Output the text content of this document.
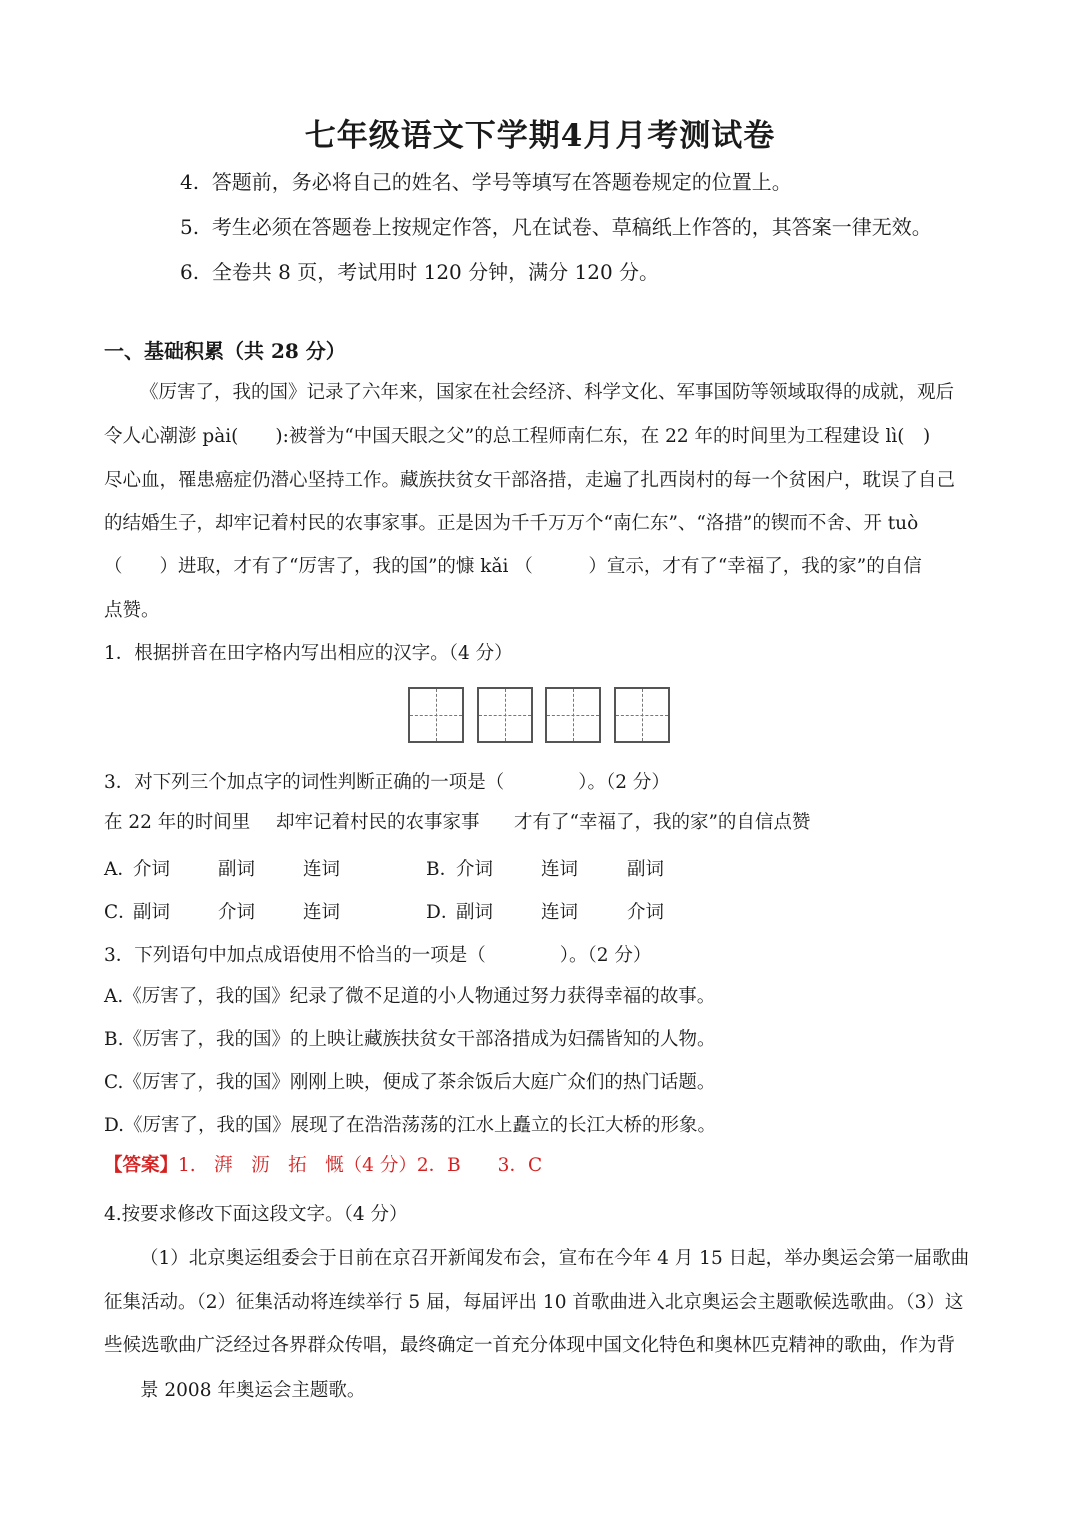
七年级语文下学期4月月考测试卷
4. 答题前，务必将自己的姓名、学号等填写在答题卷规定的位置上。
5. 考生必须在答题卷上按规定作答，凡在试卷、草稿纸上作答的，其答案一律无效。
6. 全卷共 8 页，考试用时 120 分钟，满分 120 分。
一、基础积累（共 28 分）
《厉害了，我的国》记录了六年来，国家在社会经济、科学文化、军事国防等领域取得的成就，观后
令人心潮澎 pài(　　):被誉为“中国天眼之父”的总工程师南仁东，在 22 年的时间里为工程建设 lì(　)
尽心血，罹患癌症仍潜心坚持工作。藏族扶贫女干部洛措，走遍了扎西岗村的每一个贫困户，耽误了自己
的结婚生子，却牢记着村民的农事家事。正是因为千千万万个“南仁东”、“洛措”的锲而不舍、开 tuò
（　　）进取，才有了“厉害了，我的国”的慷 kǎi （　　　）宣示，才有了“幸福了，我的家”的自信
点赞。
1．根据拼音在田字格内写出相应的汉字。（4 分）
3．对下列三个加点字的词性判断正确的一项是（　　　　）。（2 分）
在 22 年的时间里 却牢记着村民的农事家事 才有了“幸福了，我的家”的自信点赞
A．
介词	副词	连词	B．
介词	连词	副词
C．
副词	介词	连词	D．
副词	连词	介词
3．下列语句中加点成语使用不恰当的一项是（　　　　）。（2 分）
A.《厉害了，我的国》纪录了微不足道的小人物通过努力获得幸福的故事。
B.《厉害了，我的国》的上映让藏族扶贫女干部洛措成为妇孺皆知的人物。
C.《厉害了，我的国》刚刚上映，便成了茶余饭后大庭广众们的热门话题。
D.《厉害了，我的国》展现了在浩浩荡荡的江水上矗立的长江大桥的形象。
【答案】1.　湃　沥　拓　慨（4 分）2．B　　3．C
4.按要求修改下面这段文字。（4 分）
（1）北京奥运组委会于日前在京召开新闻发布会，宣布在今年 4 月 15 日起，举办奥运会第一届歌曲
征集活动。（2）征集活动将连续举行 5 届，每届评出 10 首歌曲进入北京奥运会主题歌候选歌曲。（3）这
些候选歌曲广泛经过各界群众传唱，最终确定一首充分体现中国文化特色和奥林匹克精神的歌曲，作为背
景 2008 年奥运会主题歌。
